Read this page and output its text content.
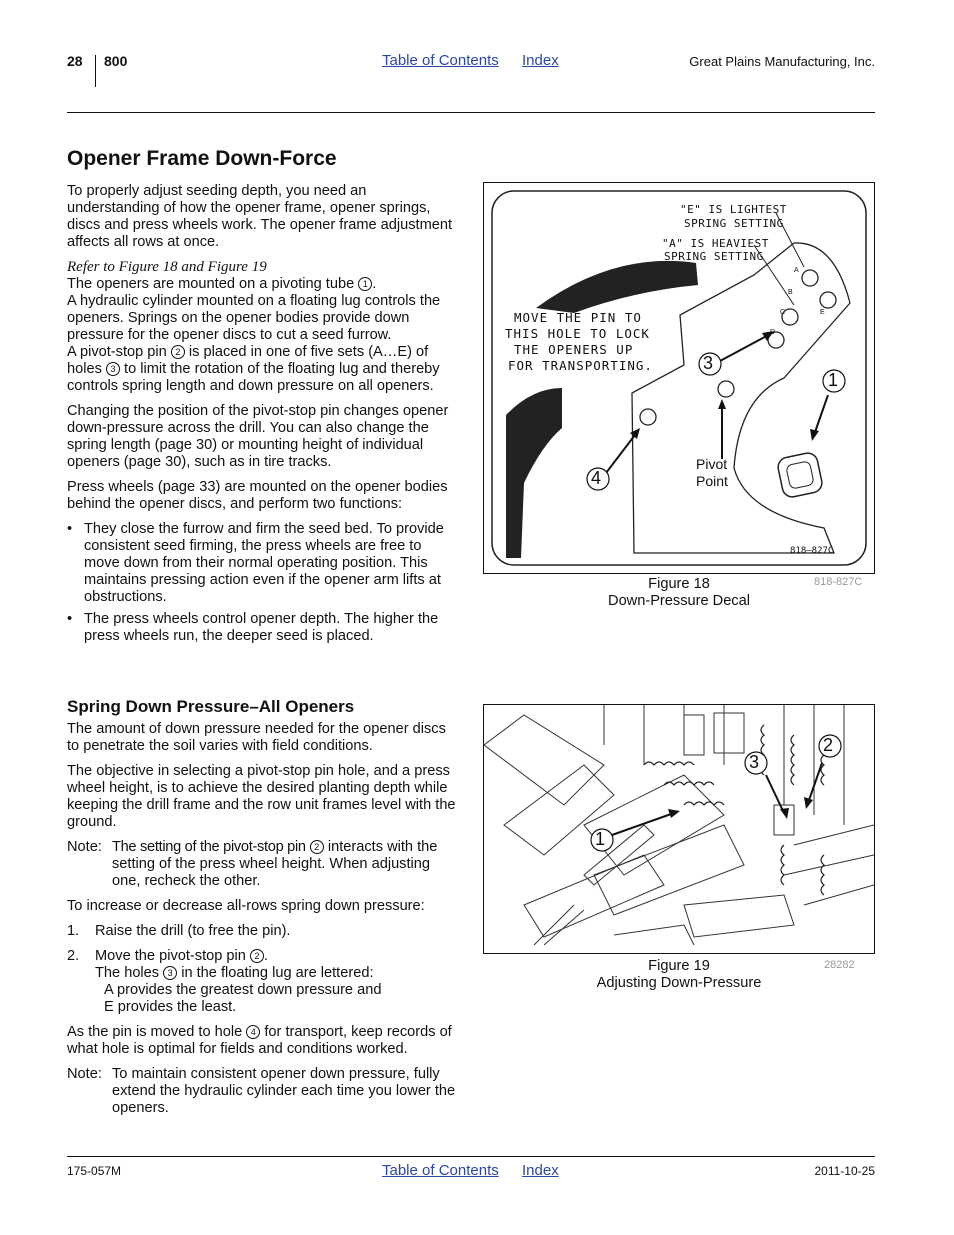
28 800	Table of Contents Index	Great Plains Manufacturing, Inc.
Opener Frame Down-Force

To properly adjust seeding depth, you need an understanding of how the opener frame, opener springs, discs and press wheels work. The opener frame adjustment affects all rows at once.

Refer to Figure 18 and Figure 19

The openers are mounted on a pivoting tube 1 .

A hydraulic cylinder mounted on a floating lug controls the openers. Springs on the opener bodies provide down pressure for the opener discs to cut a seed furrow.

A pivot-stop pin 2 is placed in one of five sets (A…E) of holes 3 to limit the rotation of the floating lug and thereby controls spring length and down pressure on all openers.

Changing the position of the pivot-stop pin changes opener down-pressure across the drill. You can also change the spring length (page 30) or mounting height of individual openers (page 30), such as in tire tracks.

Press wheels (page 33) are mounted on the opener bodies behind the opener discs, and perform two functions:

• They close the furrow and firm the seed bed. To provide consistent seed firming, the press wheels are free to move down from their normal operating position. This maintains pressing action even if the opener arm lifts at obstructions.
• The press wheels control opener depth. The higher the press wheels run, the deeper seed is placed.
Spring Down Pressure–All Openers

The amount of down pressure needed for the opener discs to penetrate the soil varies with field conditions.

The objective in selecting a pivot-stop pin hole, and a press wheel height, is to achieve the desired planting depth while keeping the drill frame and the row unit frames level with the ground.

Note: The setting of the pivot-stop pin 2 interacts with the setting of the press wheel height. When adjusting one, recheck the other.

To increase or decrease all-rows spring down pressure:

1. Raise the drill (to free the pin).
2. Move the pivot-stop pin 2 .
The holes 3 in the floating lug are lettered:
A provides the greatest down pressure and
E provides the least.

As the pin is moved to hole 4 for transport, keep records of what hole is optimal for fields and conditions worked.

Note: To maintain consistent opener down pressure, fully extend the hydraulic cylinder each time you lower the openers.
"E" IS LIGHTEST
SPRING SETTING
"A" IS HEAVIEST
SPRING SETTING
A
B
C
D
E
MOVE THE PIN TO
THIS HOLE TO LOCK
THE OPENERS UP
FOR TRANSPORTING.	3
4
1
Pivot
Point
818–827C
Figure 18
Down-Pressure Decal
818-827C
1
3
2
Figure 19
Adjusting Down-Pressure
28282
175-057M	Table of Contents Index	2011-10-25
